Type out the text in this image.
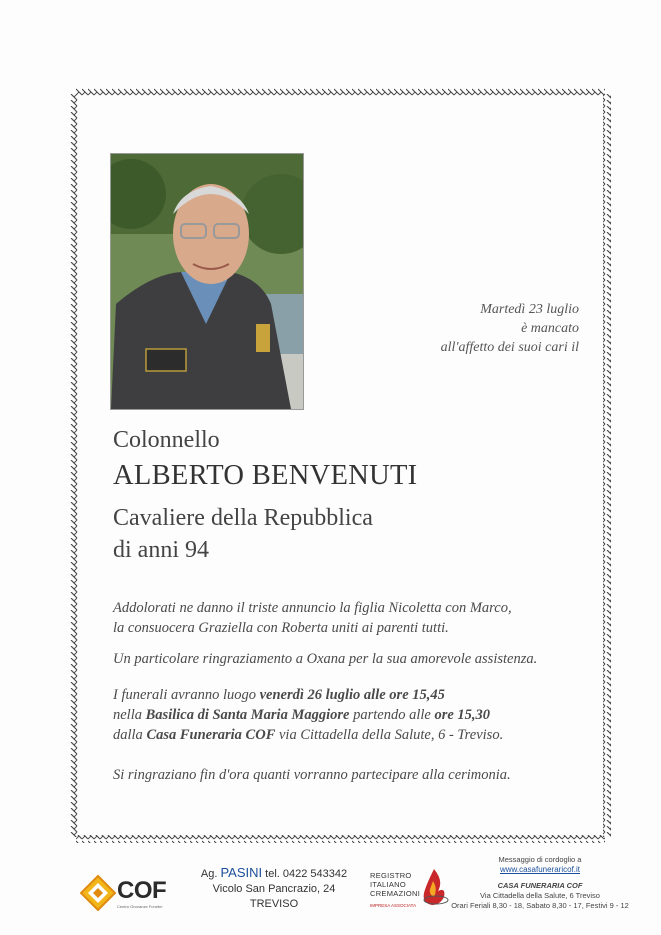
Martedì 23 luglio
è mancato
all'affetto dei suoi cari il
Colonnello
ALBERTO BENVENUTI
Cavaliere della Repubblica
di anni 94
Addolorati ne danno il triste annuncio la figlia Nicoletta con Marco,
la consuocera Graziella con Roberta uniti ai parenti tutti.
Un particolare ringraziamento a Oxana per la sua amorevole assistenza.
I funerali avranno luogo venerdì 26 luglio alle ore 15,45
nella Basilica di Santa Maria Maggiore partendo alle ore 15,30
dalla Casa Funeraria COF via Cittadella della Salute, 6 - Treviso.
Si ringraziano fin d'ora quanti vorranno partecipare alla cerimonia.
COF
Centro Onoranze Funebri
Ag. PASINI tel. 0422 543342
Vicolo San Pancrazio, 24
TREVISO
REGISTRO
ITALIANO
CREMAZIONI
IMPRESA ASSOCIATA
Messaggio di cordoglio a
www.casafuneraricof.it
CASA FUNERARIA COF
Via Cittadella della Salute, 6 Treviso
Orari Feriali 8,30 - 18, Sabato 8,30 - 17, Festivi 9 - 12
